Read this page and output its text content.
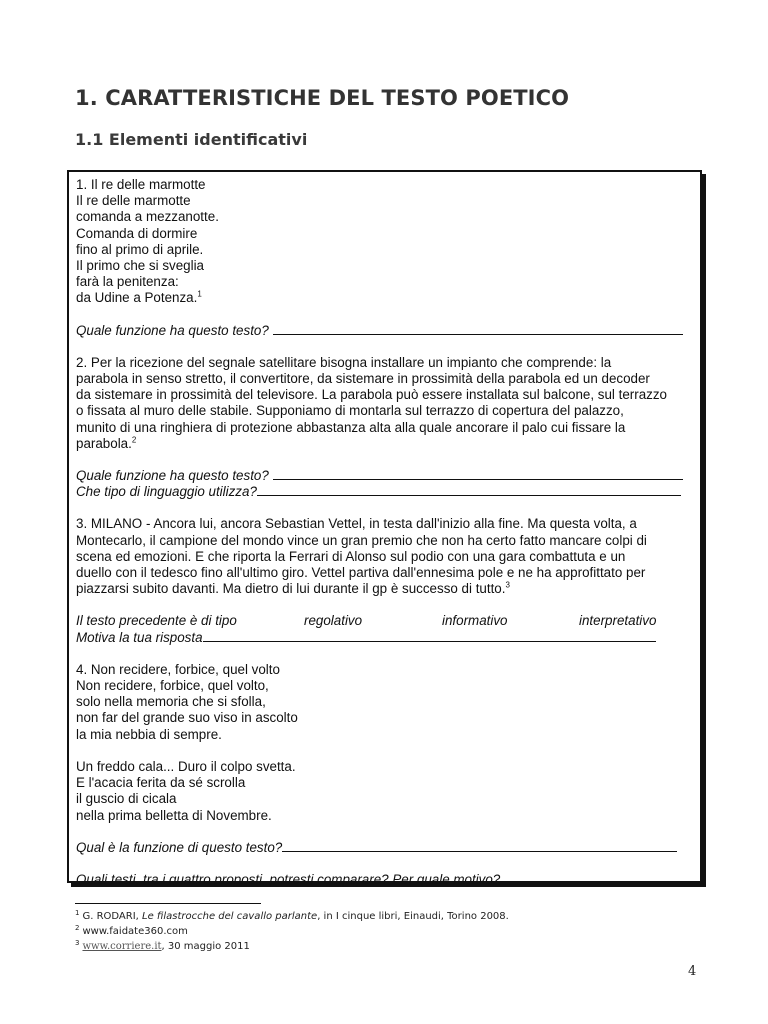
1. CARATTERISTICHE DEL TESTO POETICO
1.1 Elementi identificativi
1. Il re delle marmotte
Il re delle marmotte
comanda a mezzanotte.
Comanda di dormire
fino al primo di aprile.
Il primo che si sveglia
farà la penitenza:
da Udine a Potenza.$^1$
Quale funzione ha questo testo?
2. Per la ricezione del segnale satellitare bisogna installare un impianto che comprende: la
parabola in senso stretto, il convertitore, da sistemare in prossimità della parabola ed un decoder
da sistemare in prossimità del televisore. La parabola può essere installata sul balcone, sul terrazzo
o fissata al muro delle stabile. Supponiamo di montarla sul terrazzo di copertura del palazzo,
munito di una ringhiera di protezione abbastanza alta alla quale ancorare il palo cui fissare la
parabola.$^2$
Quale funzione ha questo testo?
Che tipo di linguaggio utilizza?
3. MILANO - Ancora lui, ancora Sebastian Vettel, in testa dall'inizio alla fine. Ma questa volta, a
Montecarlo, il campione del mondo vince un gran premio che non ha certo fatto mancare colpi di
scena ed emozioni. E che riporta la Ferrari di Alonso sul podio con una gara combattuta e un
duello con il tedesco fino all'ultimo giro. Vettel partiva dall'ennesima pole e ne ha approfittato per
piazzarsi subito davanti. Ma dietro di lui durante il gp è successo di tutto.$^3$
Il testo precedente è di tipo	regolativo	informativo	interpretativo
Motiva la tua risposta
4. Non recidere, forbice, quel volto
Non recidere, forbice, quel volto,
solo nella memoria che si sfolla,
non far del grande suo viso in ascolto
la mia nebbia di sempre.
Un freddo cala... Duro il colpo svetta.
E l'acacia ferita da sé scrolla
il guscio di cicala
nella prima belletta di Novembre.
Qual è la funzione di questo testo?
Quali testi, tra i quattro proposti, potresti comparare? Per quale motivo?
$^1$ G. RODARI, Le filastrocche del cavallo parlante, in I cinque libri, Einaudi, Torino 2008.
$^2$ www.faidate360.com
$^3$ www.corriere.it, 30 maggio 2011
4
